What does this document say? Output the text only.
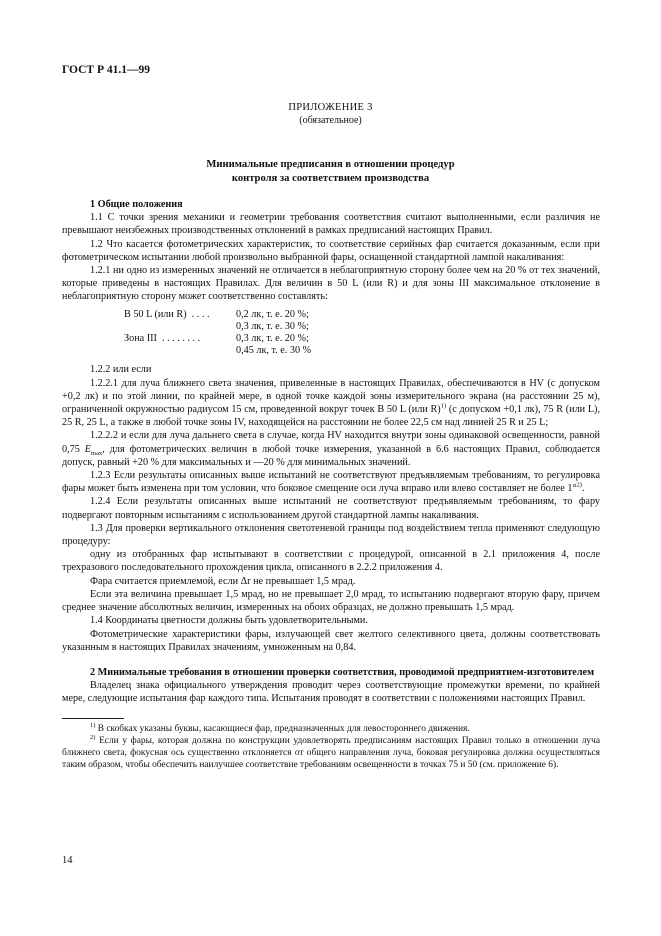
ГОСТ Р 41.1—99
ПРИЛОЖЕНИЕ 3
(обязательное)
Минимальные предписания в отношении процедур
контроля за соответствием производства

1 Общие положения

1.1 С точки зрения механики и геометрии требования соответствия считают выполненными, если различия не превышают неизбежных производственных отклонений в рамках предписаний настоящих Правил.

1.2 Что касается фотометрических характеристик, то соответствие серийных фар считается доказанным, если при фотометрическом испытании любой произвольно выбранной фары, оснащенной стандартной лампой накаливания:

1.2.1 ни одно из измеренных значений не отличается в неблагоприятную сторону более чем на 20 % от тех значений, которые приведены в настоящих Правилах. Для величин в 50 L (или R) и для зоны III максимальное отклонение в неблагоприятную сторону может соответственно составлять:

В 50 L (или R)  . . . .	0,2 лк, т. е. 20 %;
0,3 лк, т. е. 30 %;
Зона III  . . . . . . . .	0,3 лк, т. е. 20 %;
0,45 лк, т. е. 30 %

1.2.2 или если

1.2.2.1 для луча ближнего света значения, привеленные в настоящих Правилах, обеспечиваются в HV (с допуском +0,2 лк) и по этой линии, по крайней мере, в одной точке каждой зоны измерительного экрана (на расстоянии 25 м), ограниченной окружностью радиусом 15 см, проведенной вокруг точек В 50 L (или R)$^{1)}$ (с допуском +0,1 лк), 75 R (или L), 25 R, 25 L, а также в любой точке зоны IV, находящейся на расстоянии не более 22,5 см над линией 25 R и 25 L;

1.2.2.2 и если для луча дальнего света в случае, когда HV находится внутри зоны одинаковой освещенности, равной 0,75 $E_{max}$, для фотометрических величин в любой точке измерения, указанной в 6.6 настоящих Правил, соблюдается допуск, равный +20 % для максимальных и —20 % для минимальных значений.

1.2.3 Если результаты описанных выше испытаний не соответствуют предъявляемым требованиям, то регулировка фары может быть изменена при том условии, что боковое смещение оси луча вправо или влево составляет не более 1°$^{2)}$.

1.2.4 Если результаты описанных выше испытаний не соответствуют предъявляемым требованиям, то фару подвергают повторным испытаниям с использованием другой стандартной лампы накаливания.

1.3 Для проверки вертикального отклонения светотеневой границы под воздействием тепла применяют следующую процедуру:

одну из отобранных фар испытывают в соответствии с процедурой, описанной в 2.1 приложения 4, после трехразового последовательного прохождения цикла, описанного в 2.2.2 приложения 4.

Фара считается приемлемой, если Δr не превышает 1,5 мрад.

Если эта величина превышает 1,5 мрад, но не превышает 2,0 мрад, то испытанию подвергают вторую фару, причем среднее значение абсолютных величин, измеренных на обоих образцах, не должно превышать 1,5 мрад.

1.4 Координаты цветности должны быть удовлетворительными.

Фотометрические характеристики фары, излучающей свет желтого селективного цвета, должны соответствовать указанным в настоящих Правилах значениям, умноженным на 0,84.

2 Минимальные требования в отношении проверки соответствия, проводимой предприятием-изготовителем

Владелец знака официального утверждения проводит через соответствующие промежутки времени, по крайней мере, следующие испытания фар каждого типа. Испытания проводят в соответствии с положениями настоящих Правил.

$^{1)}$ В скобках указаны буквы, касающиеся фар, предназначенных для левостороннего движения.

$^{2)}$ Если у фары, которая должна по конструкции удовлетворять предписаниям настоящих Правил только в отношении луча ближнего света, фокусная ось существенно отклоняется от общего направления луча, боковая регулировка должна осуществляться таким образом, чтобы обеспечить наилучшее соответствие требованиям освещенности в точках 75 и 50 (см. приложение 6).

14
